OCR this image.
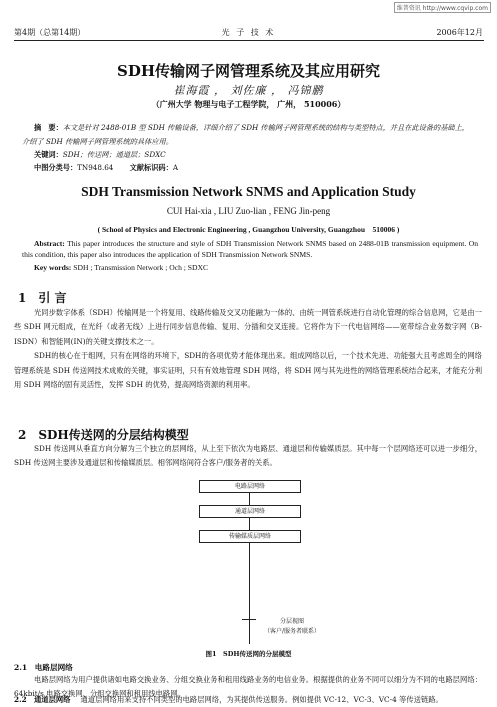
维普资讯 http://www.cqvip.com
第4期（总第14期）	光 子 技 术	2006年12月
SDH传输网子网管理系统及其应用研究
崔海霞 ， 刘佐廉 ， 冯锦鹏
（广州大学 物理与电子工程学院， 广州， 510006）
摘　要：本文是针对 2488-01B 型 SDH 传输设备，详细介绍了 SDH 传输网子网管理系统的结构与类型特点，并且在此设备的基础上，介绍了 SDH 传输网子网管理系统的具体应用。
关键词：SDH；传送网；通道层；SDXC
中图分类号：TN948.64 文献标识码：A
SDH Transmission Network SNMS and Application Study
CUI Hai-xia , LIU Zuo-lian , FENG Jin-peng
( School of Physics and Electronic Engineering , Guangzhou University, Guangzhou　510006 )
Abstract: This paper introduces the structure and style of SDH Transmission Network SNMS based on 2488-01B transmission equipment. On this condition, this paper also introduces the application of SDH Transmission Network SNMS.
Key words: SDH ; Transmission Network ; Och ; SDXC
1　引 言

光同步数字体系（SDH）传输网是一个将复用、线路传输及交叉功能融为一体的、由统一网管系统进行自动化管理的综合信息网，它是由一些 SDH 网元组成，在光纤（或者无线）上进行同步信息传输、复用、分插和交叉连接。它将作为下一代电信网络——宽带综合业务数字网（B-ISDN）和智能网(IN)的关键支撑技术之一。

SDH的核心在于组网，只有在网络的环境下，SDH的各项优势才能体现出来。组成网络以后，一个技术先进、功能强大且考虑周全的网络管理系统是 SDH 传送网技术成败的关键，事实证明，只有有效地管理 SDH 网络，将 SDH 网与其先进性的网络管理系统结合起来，才能充分利用 SDH 网络的固有灵活性，发挥 SDH 的优势，提高网络资源的利用率。

2　SDH传送网的分层结构模型

SDH 传送网从垂直方向分解为三个独立的层网络，从上至下依次为电路层、通道层和传输媒质层。其中每一个层网络还可以进一步细分，SDH 传送网主要涉及通道层和传输媒质层。相邻网络间符合客户/服务者的关系。

电路层网络
通道层网络
传输媒质层网络
分层视图
（客户/服务者联系）
图1　SDH传送网的分层模型
2.1　电路层网络

电路层网络为用户提供诸如电路交换业务、分组交换业务和租用线路业务的电信业务。根据提供的业务不同可以细分为不同的电路层网络：64kbit/s 电路交换网、分组交换网和租用线电路网。

2.2　通道层网络 通道层网络用来支持不同类型的电路层网络，为其提供传送服务。例如提供 VC-12、VC-3、VC-4 等传送链路。
